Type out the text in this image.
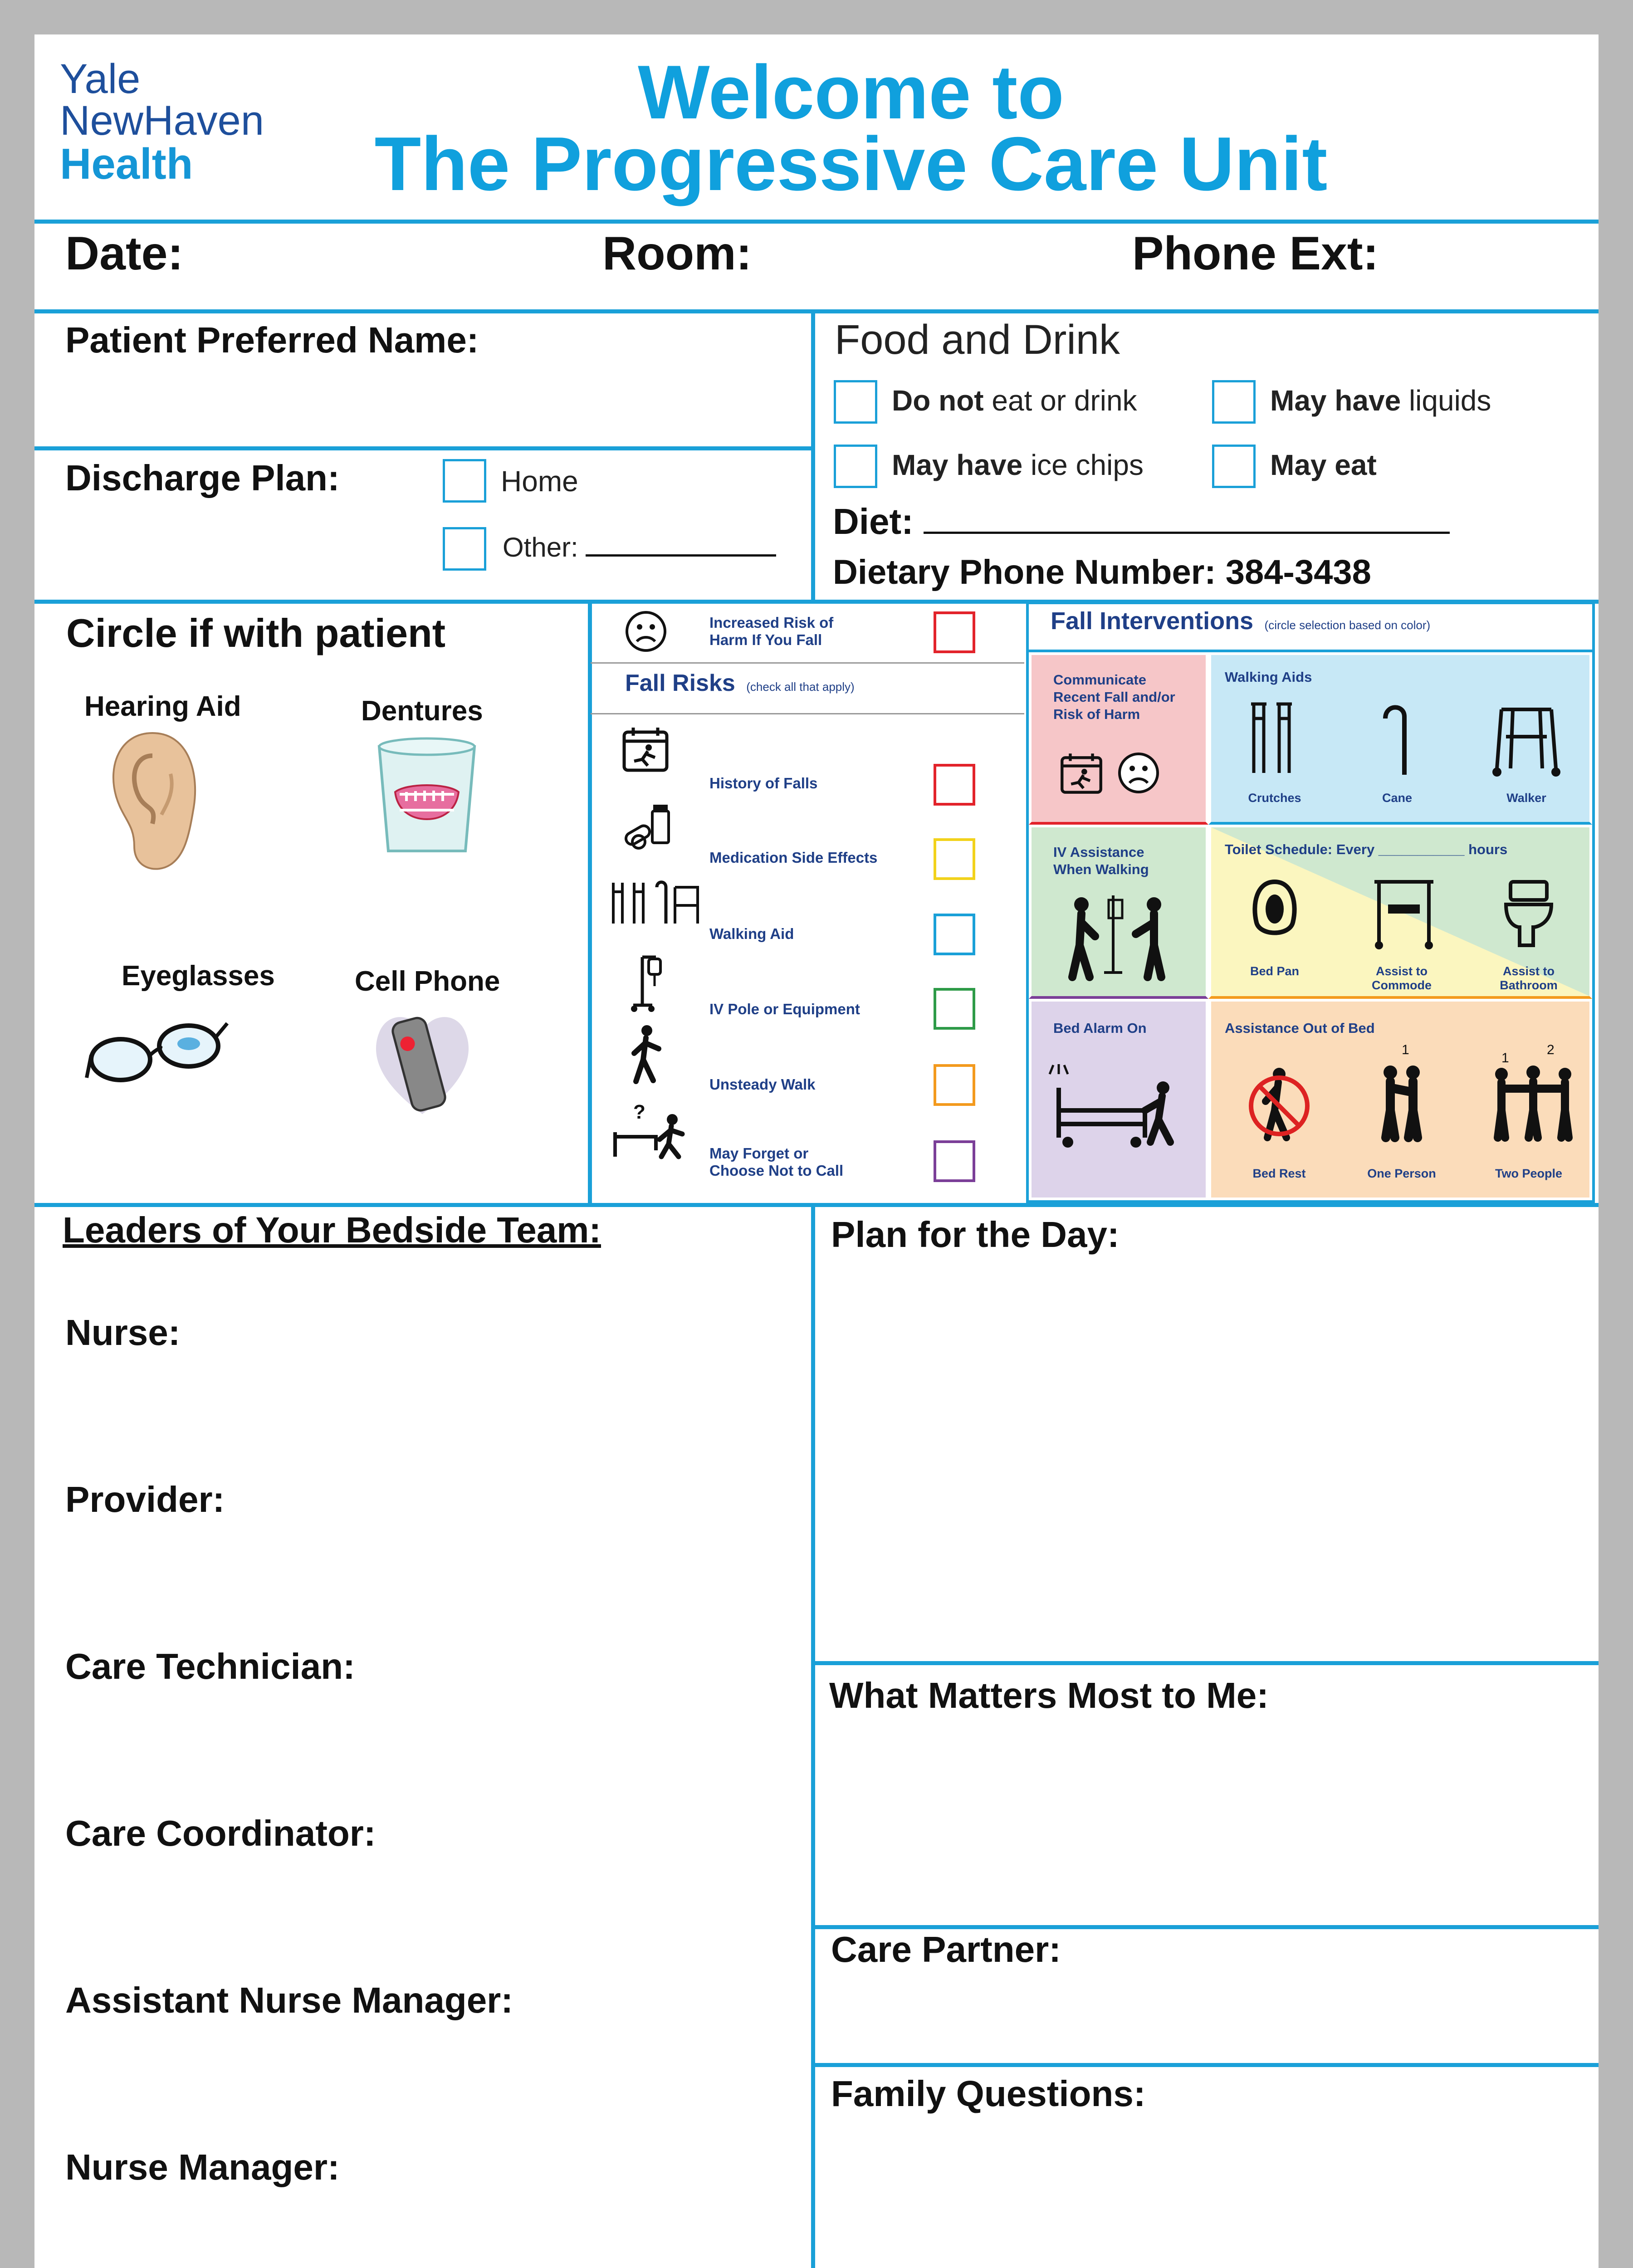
Yale
NewHaven
Health
Welcome to
The Progressive Care Unit
Date:	Room:	Phone Ext:
Patient Preferred Name:
Discharge Plan:	Home
Other:
Food and Drink
Do not eat or drink	May have liquids
May have ice chips	May eat
Diet:
Dietary Phone Number: 384-3438
Circle if with patient
Hearing Aid	Dentures
Eyeglasses	Cell Phone
Increased Risk of Harm If You Fall
Fall Risks (check all that apply)
History of Falls
Medication Side Effects
Walking Aid
IV Pole or Equipment
Unsteady Walk
?
May Forget or Choose Not to Call
Fall Interventions (circle selection based on color)
Communicate Recent Fall and/or Risk of Harm
Walking Aids
Crutches	Cane	Walker
IV Assistance When Walking
Toilet Schedule: Every ___________ hours
Bed Pan	Assist to Commode
Assist to Bathroom
Bed Alarm On	Assistance Out of Bed
1
1
2
Bed Rest	One Person	Two People
Leaders of Your Bedside Team:
Nurse:
Provider:
Care Technician:
Care Coordinator:
Assistant Nurse Manager:
Nurse Manager:
Plan for the Day:
What Matters Most to Me:
Care Partner:
Family Questions:
